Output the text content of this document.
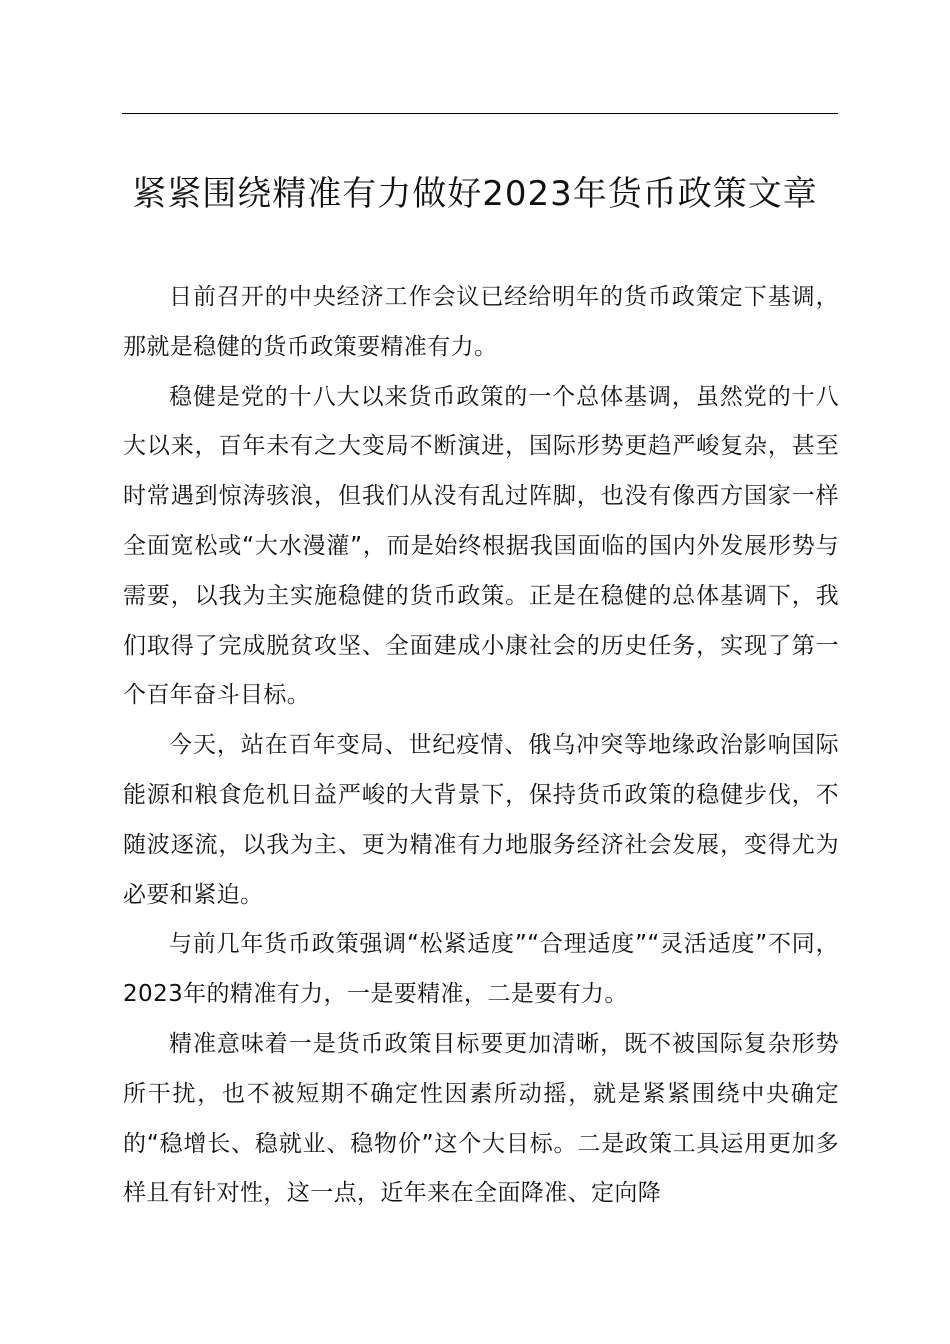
紧紧围绕精准有力做好2023年货币政策文章

日前召开的中央经济工作会议已经给明年的货币政策定下基调，那就是稳健的货币政策要精准有力。

稳健是党的十八大以来货币政策的一个总体基调，虽然党的十八大以来，百年未有之大变局不断演进，国际形势更趋严峻复杂，甚至时常遇到惊涛骇浪，但我们从没有乱过阵脚，也没有像西方国家一样全面宽松或“大水漫灌”，而是始终根据我国面临的国内外发展形势与需要，以我为主实施稳健的货币政策。正是在稳健的总体基调下，我们取得了完成脱贫攻坚、全面建成小康社会的历史任务，实现了第一个百年奋斗目标。

今天，站在百年变局、世纪疫情、俄乌冲突等地缘政治影响国际能源和粮食危机日益严峻的大背景下，保持货币政策的稳健步伐，不随波逐流，以我为主、更为精准有力地服务经济社会发展，变得尤为必要和紧迫。

与前几年货币政策强调“松紧适度”“合理适度”“灵活适度”不同，2023年的精准有力，一是要精准，二是要有力。

精准意味着一是货币政策目标要更加清晰，既不被国际复杂形势所干扰，也不被短期不确定性因素所动摇，就是紧紧围绕中央确定的“稳增长、稳就业、稳物价”这个大目标。二是政策工具运用更加多样且有针对性，这一点，近年来在全面降准、定向降
